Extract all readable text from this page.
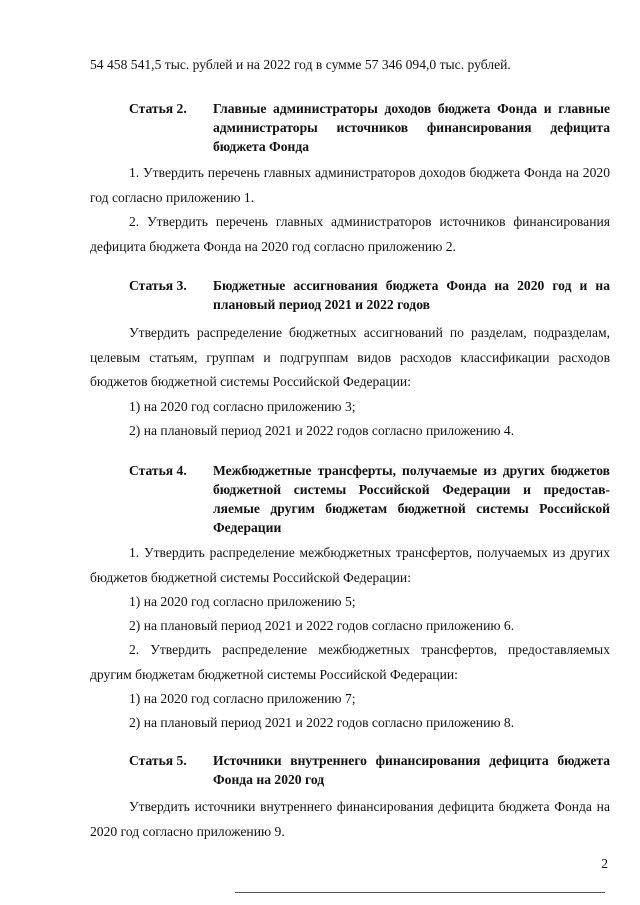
54 458 541,5 тыс. рублей и на 2022 год в сумме 57 346 094,0 тыс. рублей.

Статья 2. Главные администраторы доходов бюджета Фонда и главные администраторы источников финансирования дефицита бюджета Фонда

1. Утвердить перечень главных администраторов доходов бюджета Фонда на 2020 год согласно приложению 1.

2. Утвердить перечень главных администраторов источников финансирования дефицита бюджета Фонда на 2020 год согласно приложению 2.

Статья 3. Бюджетные ассигнования бюджета Фонда на 2020 год и на плановый период 2021 и 2022 годов

Утвердить распределение бюджетных ассигнований по разделам, подразделам, целевым статьям, группам и подгруппам видов расходов классификации расходов бюджетов бюджетной системы Российской Федерации:

1) на 2020 год согласно приложению 3;

2) на плановый период 2021 и 2022 годов согласно приложению 4.

Статья 4. Межбюджетные трансферты, получаемые из других бюджетов бюджетной системы Российской Федерации и предостав-ляемые другим бюджетам бюджетной системы Российской Федерации

1. Утвердить распределение межбюджетных трансфертов, получаемых из других бюджетов бюджетной системы Российской Федерации:

1) на 2020 год согласно приложению 5;

2) на плановый период 2021 и 2022 годов согласно приложению 6.

2. Утвердить распределение межбюджетных трансфертов, предоставляемых другим бюджетам бюджетной системы Российской Федерации:

1) на 2020 год согласно приложению 7;

2) на плановый период 2021 и 2022 годов согласно приложению 8.

Статья 5. Источники внутреннего финансирования дефицита бюджета Фонда на 2020 год

Утвердить источники внутреннего финансирования дефицита бюджета Фонда на 2020 год согласно приложению 9.

2
